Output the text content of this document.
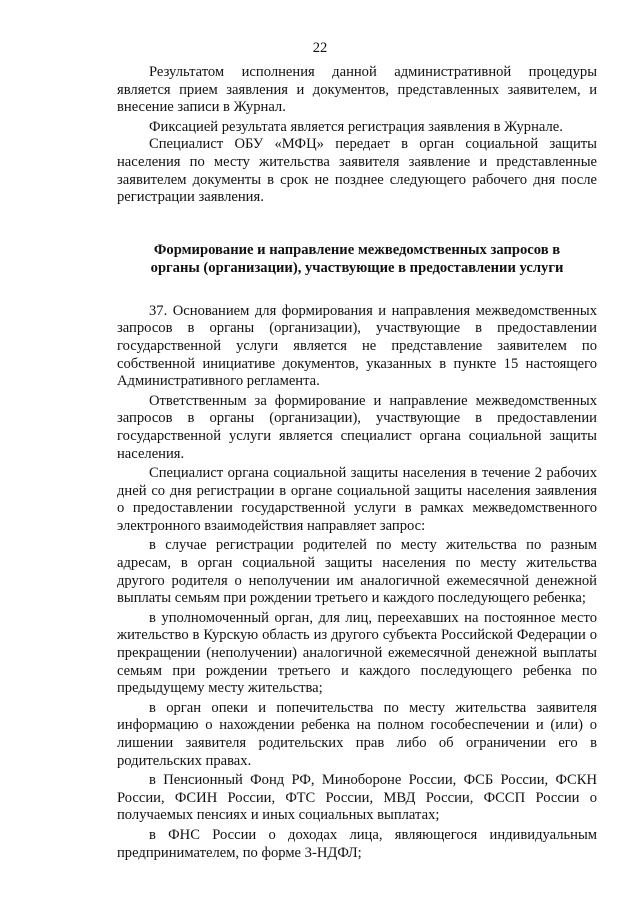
22

Результатом исполнения данной административной процедуры является прием заявления и документов, представленных заявителем, и внесение записи в Журнал.

Фиксацией результата является регистрация заявления в Журнале.

Специалист ОБУ «МФЦ» передает в орган социальной защиты населения по месту жительства заявителя заявление и представленные заявителем документы в срок не позднее следующего рабочего дня после регистрации заявления.

Формирование и направление межведомственных запросов в
органы (организации), участвующие в предоставлении услуги

37. Основанием для формирования и направления межведомственных запросов в органы (организации), участвующие в предоставлении государственной услуги является не представление заявителем по собственной инициативе документов, указанных в пункте 15 настоящего Административного регламента.

Ответственным за формирование и направление межведомственных запросов в органы (организации), участвующие в предоставлении государственной услуги является специалист органа социальной защиты населения.

Специалист органа социальной защиты населения в течение 2 рабочих дней со дня регистрации в органе социальной защиты населения заявления о предоставлении государственной услуги в рамках межведомственного электронного взаимодействия направляет запрос:

в случае регистрации родителей по месту жительства по разным адресам, в орган социальной защиты населения по месту жительства другого родителя о неполучении им аналогичной ежемесячной денежной выплаты семьям при рождении третьего и каждого последующего ребенка;

в уполномоченный орган, для лиц, переехавших на постоянное место жительство в Курскую область из другого субъекта Российской Федерации о прекращении (неполучении) аналогичной ежемесячной денежной выплаты семьям при рождении третьего и каждого последующего ребенка по предыдущему месту жительства;

в орган опеки и попечительства по месту жительства заявителя информацию о нахождении ребенка на полном гособеспечении и (или) о лишении заявителя родительских прав либо об ограничении его в родительских правах.

в Пенсионный Фонд РФ, Минобороне России, ФСБ России, ФСКН России, ФСИН России, ФТС России, МВД России, ФССП России о получаемых пенсиях и иных социальных выплатах;

в ФНС России о доходах лица, являющегося индивидуальным предпринимателем, по форме 3-НДФЛ;
